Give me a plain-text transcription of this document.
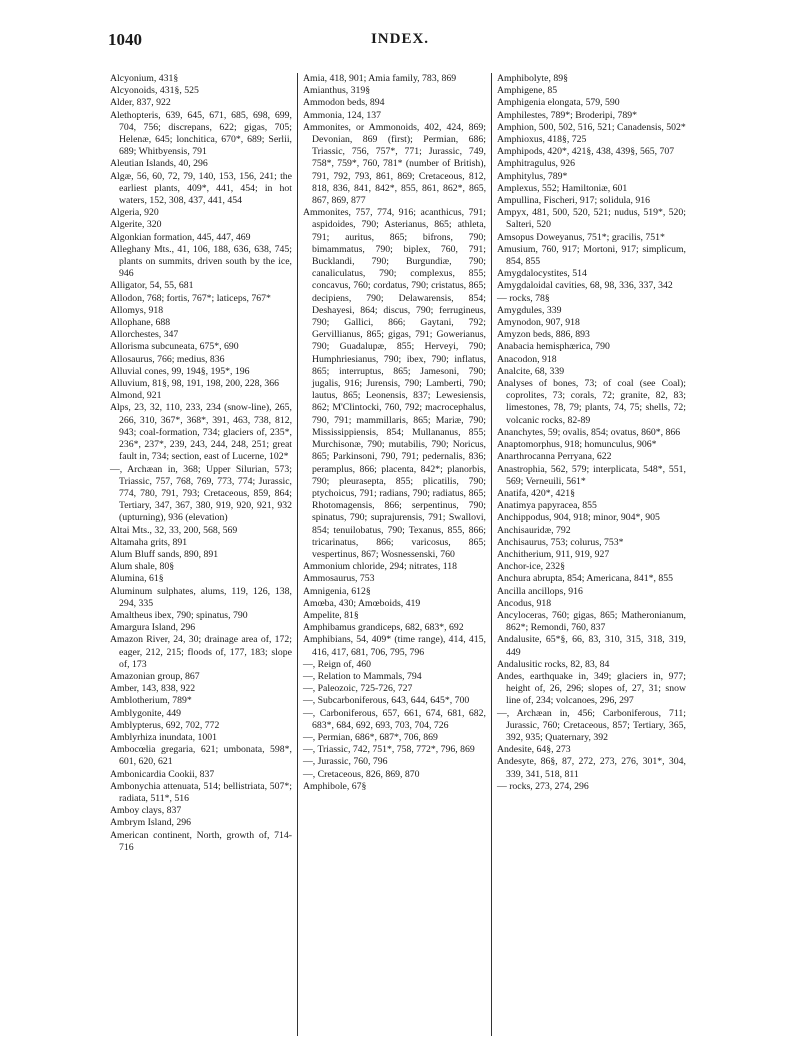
1040	INDEX.

Alcyonium, 431§

Alcyonoids, 431§, 525

Alder, 837, 922

Alethopteris, 639, 645, 671, 685, 698, 699, 704, 756; discrepans, 622; gigas, 705; Helenæ, 645; lonchitica, 670*, 689; Serlii, 689; Whitbyensis, 791

Aleutian Islands, 40, 296

Algæ, 56, 60, 72, 79, 140, 153, 156, 241; the earliest plants, 409*, 441, 454; in hot waters, 152, 308, 437, 441, 454

Algeria, 920

Algerite, 320

Algonkian formation, 445, 447, 469

Alleghany Mts., 41, 106, 188, 636, 638, 745; plants on summits, driven south by the ice, 946

Alligator, 54, 55, 681

Allodon, 768; fortis, 767*; laticeps, 767*

Allomys, 918

Allophane, 688

Allorchestes, 347

Allorisma subcuneata, 675*, 690

Allosaurus, 766; medius, 836

Alluvial cones, 99, 194§, 195*, 196

Alluvium, 81§, 98, 191, 198, 200, 228, 366

Almond, 921

Alps, 23, 32, 110, 233, 234 (snow-line), 265, 266, 310, 367*, 368*, 391, 463, 738, 812, 943; coal-formation, 734; glaciers of, 235*, 236*, 237*, 239, 243, 244, 248, 251; great fault in, 734; section, east of Lucerne, 102*

—, Archæan in, 368; Upper Silurian, 573; Triassic, 757, 768, 769, 773, 774; Jurassic, 774, 780, 791, 793; Cretaceous, 859, 864; Tertiary, 347, 367, 380, 919, 920, 921, 932 (upturning), 936 (elevation)

Altai Mts., 32, 33, 200, 568, 569

Altamaha grits, 891

Alum Bluff sands, 890, 891

Alum shale, 80§

Alumina, 61§

Aluminum sulphates, alums, 119, 126, 138, 294, 335

Amaltheus ibex, 790; spinatus, 790

Amargura Island, 296

Amazon River, 24, 30; drainage area of, 172; eager, 212, 215; floods of, 177, 183; slope of, 173

Amazonian group, 867

Amber, 143, 838, 922

Amblotherium, 789*

Amblygonite, 449

Amblypterus, 692, 702, 772

Amblyrhiza inundata, 1001

Ambocœlia gregaria, 621; umbonata, 598*, 601, 620, 621

Ambonicardia Cookii, 837

Ambonychia attenuata, 514; bellistriata, 507*; radiata, 511*, 516

Amboy clays, 837

Ambrym Island, 296

American continent, North, growth of, 714-716

Amia, 418, 901; Amia family, 783, 869

Amianthus, 319§

Ammodon beds, 894

Ammonia, 124, 137

Ammonites, or Ammonoids, 402, 424, 869; Devonian, 869 (first); Permian, 686; Triassic, 756, 757*, 771; Jurassic, 749, 758*, 759*, 760, 781* (number of British), 791, 792, 793, 861, 869; Cretaceous, 812, 818, 836, 841, 842*, 855, 861, 862*, 865, 867, 869, 877

Ammonites, 757, 774, 916; acanthicus, 791; aspidoides, 790; Asterianus, 865; athleta, 791; auritus, 865; bifrons, 790; bimammatus, 790; biplex, 760, 791; Bucklandi, 790; Burgundiæ, 790; canaliculatus, 790; complexus, 855; concavus, 760; cordatus, 790; cristatus, 865; decipiens, 790; Delawarensis, 854; Deshayesi, 864; discus, 790; ferrugineus, 790; Gallici, 866; Gaytani, 792; Gervillianus, 865; gigas, 791; Gowerianus, 790; Guadalupæ, 855; Herveyi, 790; Humphriesianus, 790; ibex, 790; inflatus, 865; interruptus, 865; Jamesoni, 790; jugalis, 916; Jurensis, 790; Lamberti, 790; lautus, 865; Leonensis, 837; Lewesiensis, 862; M'Clintocki, 760, 792; macrocephalus, 790, 791; mammillaris, 865; Mariæ, 790; Mississippiensis, 854; Mullananus, 855; Murchisonæ, 790; mutabilis, 790; Noricus, 865; Parkinsoni, 790, 791; pedernalis, 836; peramplus, 866; placenta, 842*; planorbis, 790; pleurasepta, 855; plicatilis, 790; ptychoicus, 791; radians, 790; radiatus, 865; Rhotomagensis, 866; serpentinus, 790; spinatus, 790; suprajurensis, 791; Swallovi, 854; tenuilobatus, 790; Texanus, 855, 866; tricarinatus, 866; varicosus, 865; vespertinus, 867; Wosnessenski, 760

Ammonium chloride, 294; nitrates, 118

Ammosaurus, 753

Amnigenia, 612§

Amœba, 430; Amœboids, 419

Ampelite, 81§

Amphibamus grandiceps, 682, 683*, 692

Amphibians, 54, 409* (time range), 414, 415, 416, 417, 681, 706, 795, 796

—, Reign of, 460

—, Relation to Mammals, 794

—, Paleozoic, 725-726, 727

—, Subcarboniferous, 643, 644, 645*, 700

—, Carboniferous, 657, 661, 674, 681, 682, 683*, 684, 692, 693, 703, 704, 726

—, Permian, 686*, 687*, 706, 869

—, Triassic, 742, 751*, 758, 772*, 796, 869

—, Jurassic, 760, 796

—, Cretaceous, 826, 869, 870

Amphibole, 67§

Amphibolyte, 89§

Amphigene, 85

Amphigenia elongata, 579, 590

Amphilestes, 789*; Broderipi, 789*

Amphion, 500, 502, 516, 521; Canadensis, 502*

Amphioxus, 418§, 725

Amphipods, 420*, 421§, 438, 439§, 565, 707

Amphitragulus, 926

Amphitylus, 789*

Amplexus, 552; Hamiltoniæ, 601

Ampullina, Fischeri, 917; solidula, 916

Ampyx, 481, 500, 520, 521; nudus, 519*, 520; Salteri, 520

Amsopus Doweyanus, 751*; gracilis, 751*

Amusium, 760, 917; Mortoni, 917; simplicum, 854, 855

Amygdalocystites, 514

Amygdaloidal cavities, 68, 98, 336, 337, 342

— rocks, 78§

Amygdules, 339

Amynodon, 907, 918

Amyzon beds, 886, 893

Anabacia hemisphærica, 790

Anacodon, 918

Analcite, 68, 339

Analyses of bones, 73; of coal (see Coal); coprolites, 73; corals, 72; granite, 82, 83; limestones, 78, 79; plants, 74, 75; shells, 72; volcanic rocks, 82-89

Ananchytes, 59; ovalis, 854; ovatus, 860*, 866

Anaptomorphus, 918; homunculus, 906*

Anarthrocanna Perryana, 622

Anastrophia, 562, 579; interplicata, 548*, 551, 569; Verneuili, 561*

Anatifa, 420*, 421§

Anatimya papyracea, 855

Anchippodus, 904, 918; minor, 904*, 905

Anchisauridæ, 792

Anchisaurus, 753; colurus, 753*

Anchitherium, 911, 919, 927

Anchor-ice, 232§

Anchura abrupta, 854; Americana, 841*, 855

Ancilla ancillops, 916

Ancodus, 918

Ancyloceras, 760; gigas, 865; Matheronianum, 862*; Remondi, 760, 837

Andalusite, 65*§, 66, 83, 310, 315, 318, 319, 449

Andalusitic rocks, 82, 83, 84

Andes, earthquake in, 349; glaciers in, 977; height of, 26, 296; slopes of, 27, 31; snow line of, 234; volcanoes, 296, 297

—, Archæan in, 456; Carboniferous, 711; Jurassic, 760; Cretaceous, 857; Tertiary, 365, 392, 935; Quaternary, 392

Andesite, 64§, 273

Andesyte, 86§, 87, 272, 273, 276, 301*, 304, 339, 341, 518, 811

— rocks, 273, 274, 296
